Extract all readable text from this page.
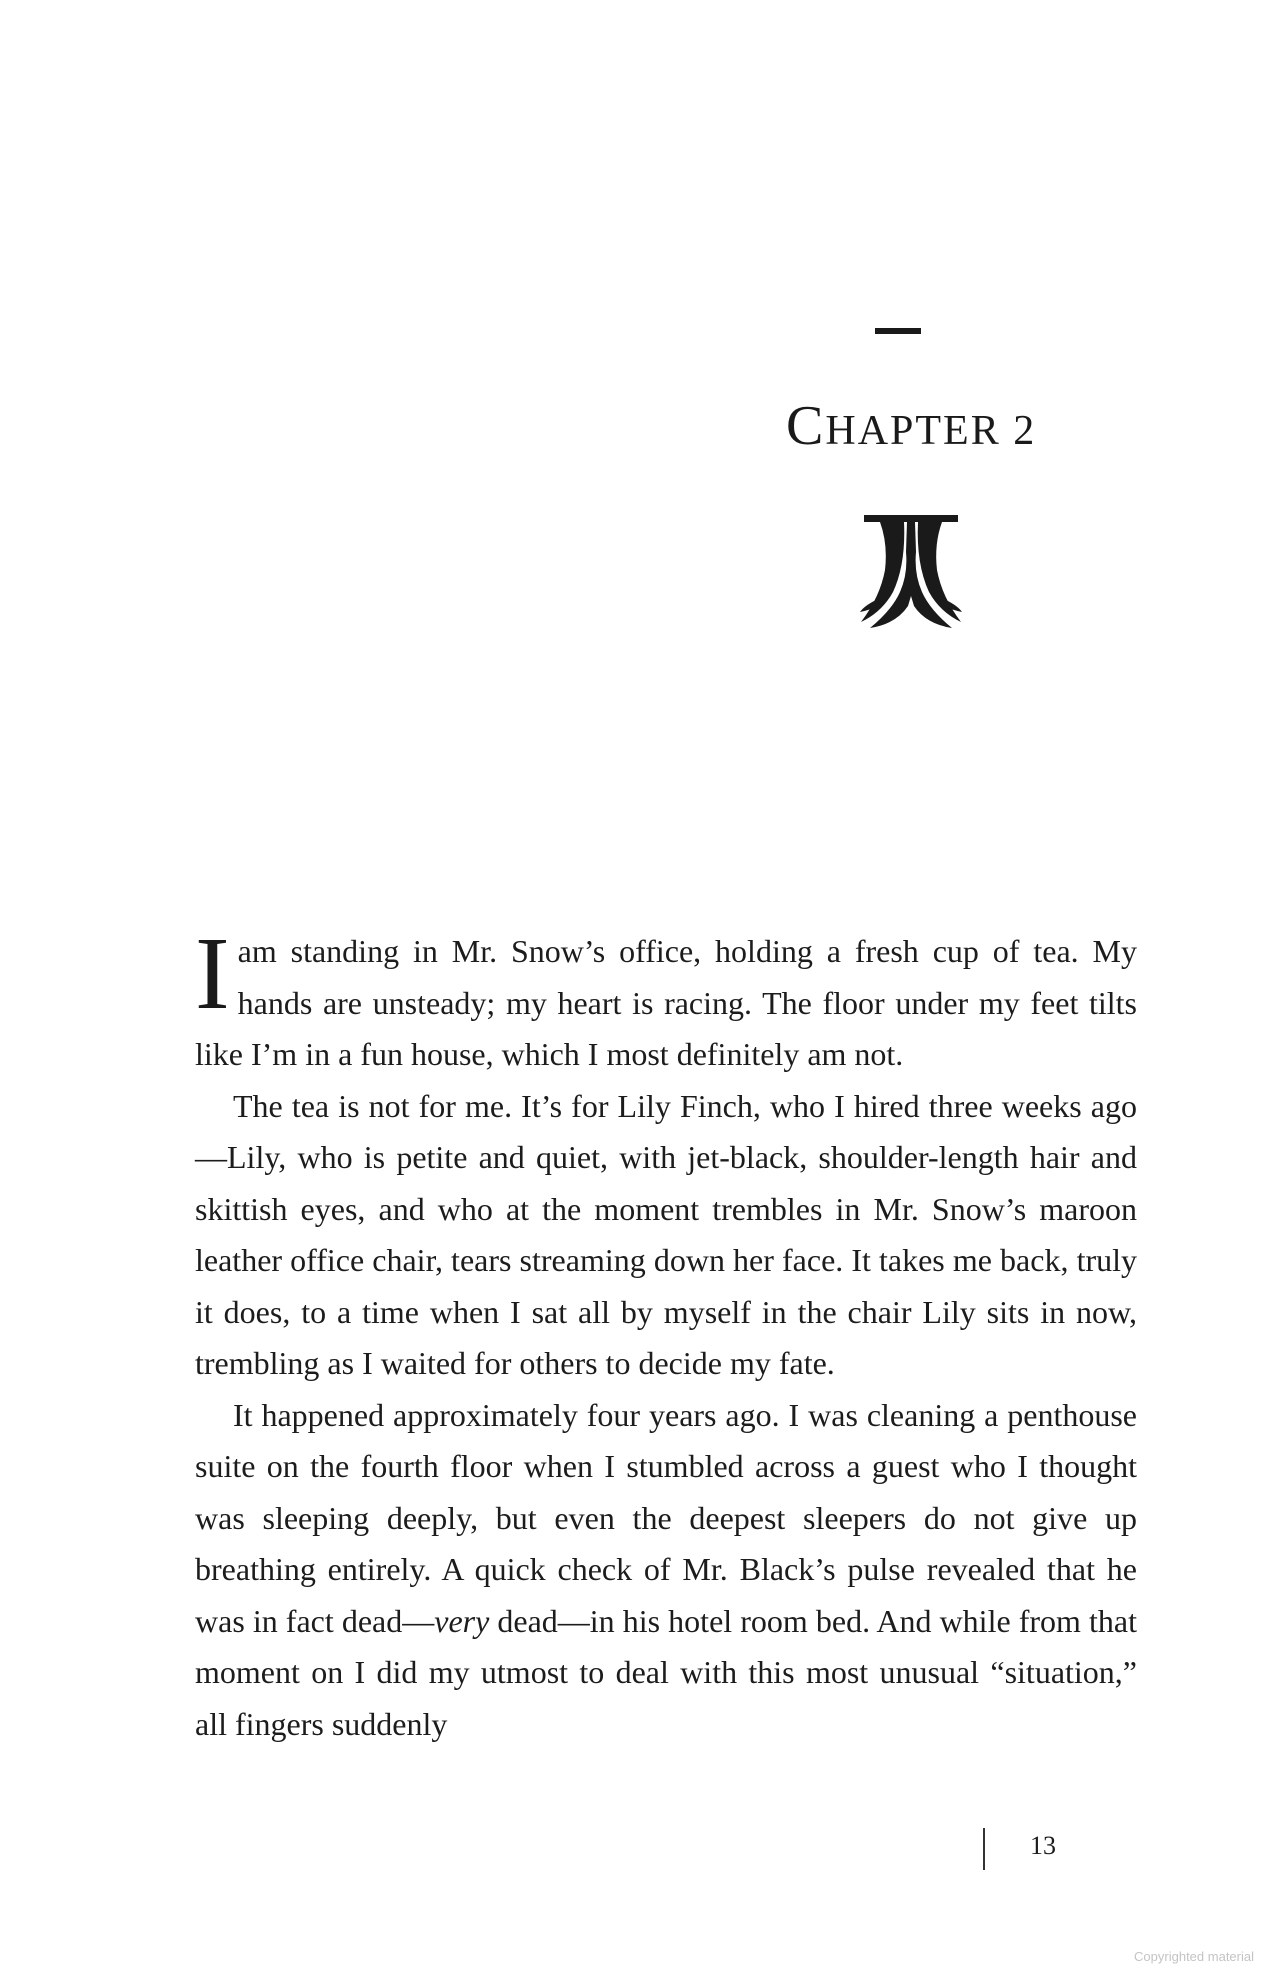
CHAPTER 2

I am standing in Mr. Snow’s office, holding a fresh cup of tea. My hands are unsteady; my heart is racing. The floor under my feet tilts like I’m in a fun house, which I most definitely am not.

The tea is not for me. It’s for Lily Finch, who I hired three weeks ago—Lily, who is petite and quiet, with jet-black, shoulder-length hair and skittish eyes, and who at the moment trembles in Mr. Snow’s maroon leather office chair, tears streaming down her face. It takes me back, truly it does, to a time when I sat all by myself in the chair Lily sits in now, trembling as I waited for others to decide my fate.

It happened approximately four years ago. I was cleaning a penthouse suite on the fourth floor when I stumbled across a guest who I thought was sleeping deeply, but even the deepest sleepers do not give up breathing entirely. A quick check of Mr. Black’s pulse revealed that he was in fact dead—very dead—in his hotel room bed. And while from that moment on I did my utmost to deal with this most unusual “situation,” all fingers suddenly

13
Copyrighted material
